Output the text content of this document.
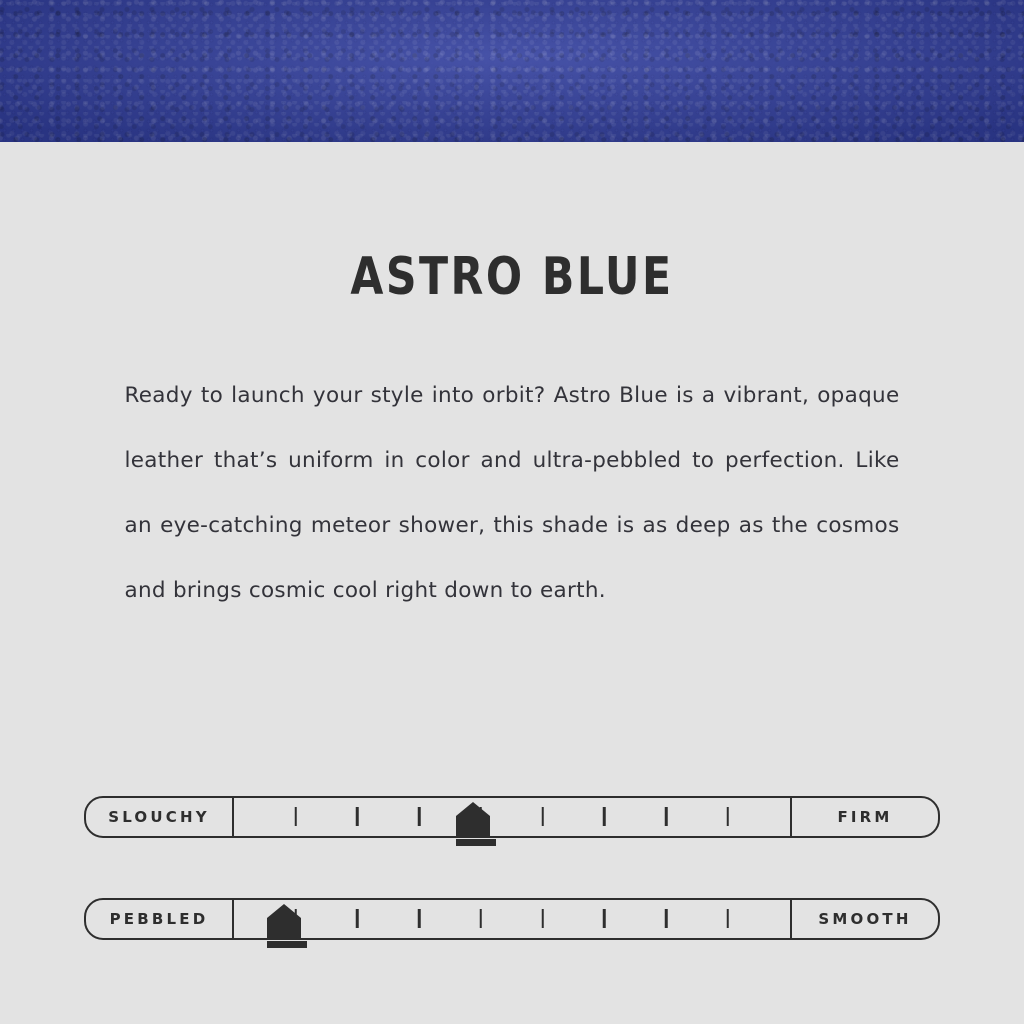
ASTRO BLUE

Ready to launch your style into orbit? Astro Blue is a vibrant, opaque leather that’s uniform in color and ultra-pebbled to perfection. Like an eye-catching meteor shower, this shade is as deep as the cosmos and brings cosmic cool right down to earth.

SLOUCHY	FIRM
PEBBLED	SMOOTH
